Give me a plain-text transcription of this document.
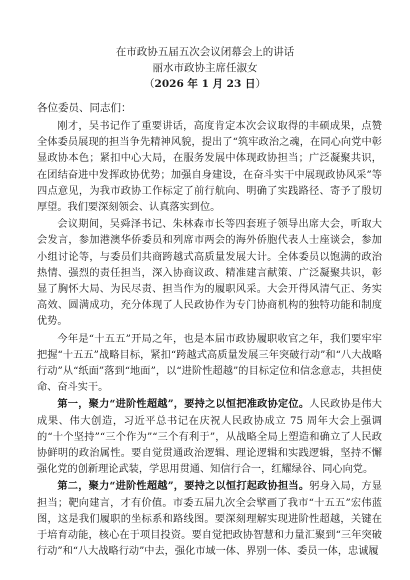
在市政协五届五次会议闭幕会上的讲话
丽水市政协主席任淑女
（2026 年 1 月 23 日）
各位委员、同志们：

刚才，吴书记作了重要讲话，高度肯定本次会议取得的丰硕成果，点赞全体委员展现的担当争先精神风貌，提出了“筑牢政治之魂，在同心向党中彰显政协本色；紧扣中心大局，在服务发展中体现政协担当；广泛凝聚共识，在团结奋进中发挥政协优势；加强自身建设，在奋斗实干中展现政协风采”等四点意见，为我市政协工作标定了前行航向、明确了实践路径、寄予了殷切厚望。我们要深刻领会、认真落实到位。

会议期间，吴舜泽书记、朱林森市长等四套班子领导出席大会，听取大会发言，参加港澳华侨委员和列席市两会的海外侨胞代表人士座谈会，参加小组讨论等，与委员们共商跨越式高质量发展大计。全体委员以饱满的政治热情、强烈的责任担当，深入协商议政、精准建言献策、广泛凝聚共识，彰显了胸怀大局、为民尽责、担当作为的履职风采。大会开得风清气正、务实高效、圆满成功，充分体现了人民政协作为专门协商机构的独特功能和制度优势。

今年是“十五五”开局之年，也是本届市政协履职收官之年，我们要牢牢把握“十五五”战略目标，紧扣“跨越式高质量发展三年突破行动”和“八大战略行动”从“纸面”落到“地面”，以“进阶性超越”的目标定位和信念意志，共担使命、奋斗实干。

第一，聚力“进阶性超越”，要持之以恒把准政协定位。人民政协是伟大成果、伟大创造，习近平总书记在庆祝人民政协成立 75 周年大会上强调的“十个坚持”“三个作为”“三个有利于”，从战略全局上塑造和确立了人民政协鲜明的政治属性。要自觉贯通政治逻辑、理论逻辑和实践逻辑，坚持不懈强化党的创新理论武装，学思用贯通、知信行合一，红耀绿谷、同心向党。

第二，聚力“进阶性超越”，要持之以恒打起政协担当。躬身入局，方显担当；靶向建言，才有价值。市委五届九次全会擘画了我市“十五五”宏伟蓝图，这是我们履职的坐标系和路线图。要深刻理解实现进阶性超越，关键在于培育动能，核心在于项目投资。要自觉把政协智慧和力量汇聚到“三年突破行动”和“八大战略行动”中去，强化市域一体、界别一体、委员一体，忠诚履
